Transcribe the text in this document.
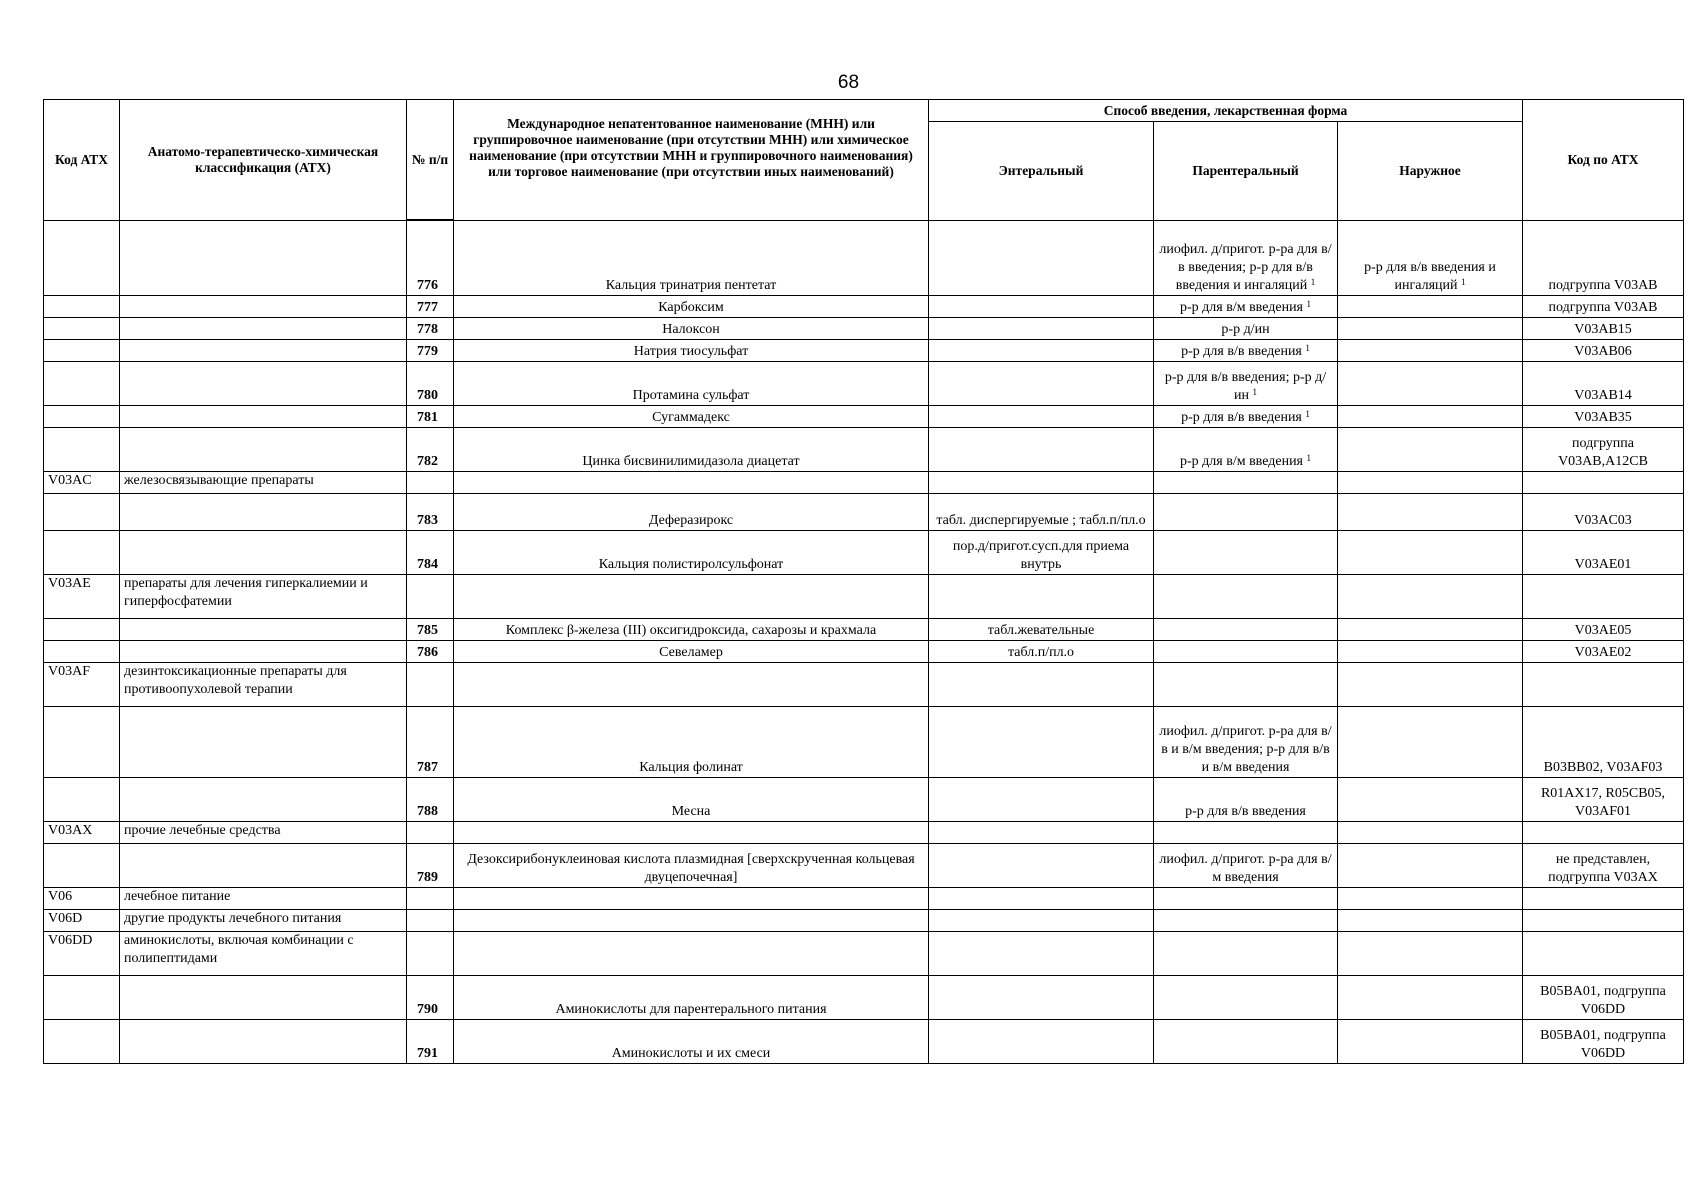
68
Код АТХ	Анатомо-терапевтическо-химическая классификация (АТХ)	№ п/п	Международное непатентованное наименование (МНН) или группировочное наименование (при отсутствии МНН) или химическое наименование (при отсутствии МНН и группировочного наименования) или торговое наименование (при отсутствии иных наименований)	Способ введения, лекарственная форма			Код по АТХ
				Энтеральный	Парентеральный	Наружное	

		776	Кальция тринатрия пентетат		лиофил. д/пригот. р-ра для в/в введения; р-р для в/в введения и ингаляций $^1$	р-р для в/в введения и ингаляций $^1$	подгруппа V03AB
		777	Карбоксим		р-р для в/м введения $^1$		подгруппа V03AB
		778	Налоксон		р-р д/ин		V03AB15
		779	Натрия тиосульфат		р-р для в/в введения $^1$		V03AB06
		780	Протамина сульфат		р-р для в/в введения; р-р д/ин $^1$		V03AB14
		781	Сугаммадекс		р-р для в/в введения $^1$		V03AB35
		782	Цинка бисвинилимидазола диацетат		р-р для в/м введения $^1$		подгруппа V03AB,A12CB
V03AC	железосвязывающие препараты						
		783	Деферазирокс	табл. диспергируемые ; табл.п/пл.о			V03AC03
		784	Кальция полистиролсульфонат	пор.д/пригот.сусп.для приема внутрь			V03AE01
V03AE	препараты для лечения гиперкалиемии и гиперфосфатемии						
		785	Комплекс β-железа (III) оксигидроксида, сахарозы и крахмала	табл.жевательные			V03AE05
		786	Севеламер	табл.п/пл.о			V03AE02
V03AF	дезинтоксикационные препараты для противоопухолевой терапии						
		787	Кальция фолинат		лиофил. д/пригот. р-ра для в/в и в/м введения; р-р для в/в и в/м введения		B03BB02, V03AF03
		788	Месна		р-р для в/в введения		R01AX17, R05CB05, V03AF01
V03AX	прочие лечебные средства						
		789	Дезоксирибонуклеиновая кислота плазмидная [сверхскрученная кольцевая двуцепочечная]		лиофил. д/пригот. р-ра для в/м введения		не представлен, подгруппа V03AX
V06	лечебное питание						
V06D	другие продукты лечебного питания						
V06DD	аминокислоты, включая комбинации с полипептидами						
		790	Аминокислоты для парентерального питания				B05BA01, подгруппа V06DD
		791	Аминокислоты и их смеси				B05BA01, подгруппа V06DD
